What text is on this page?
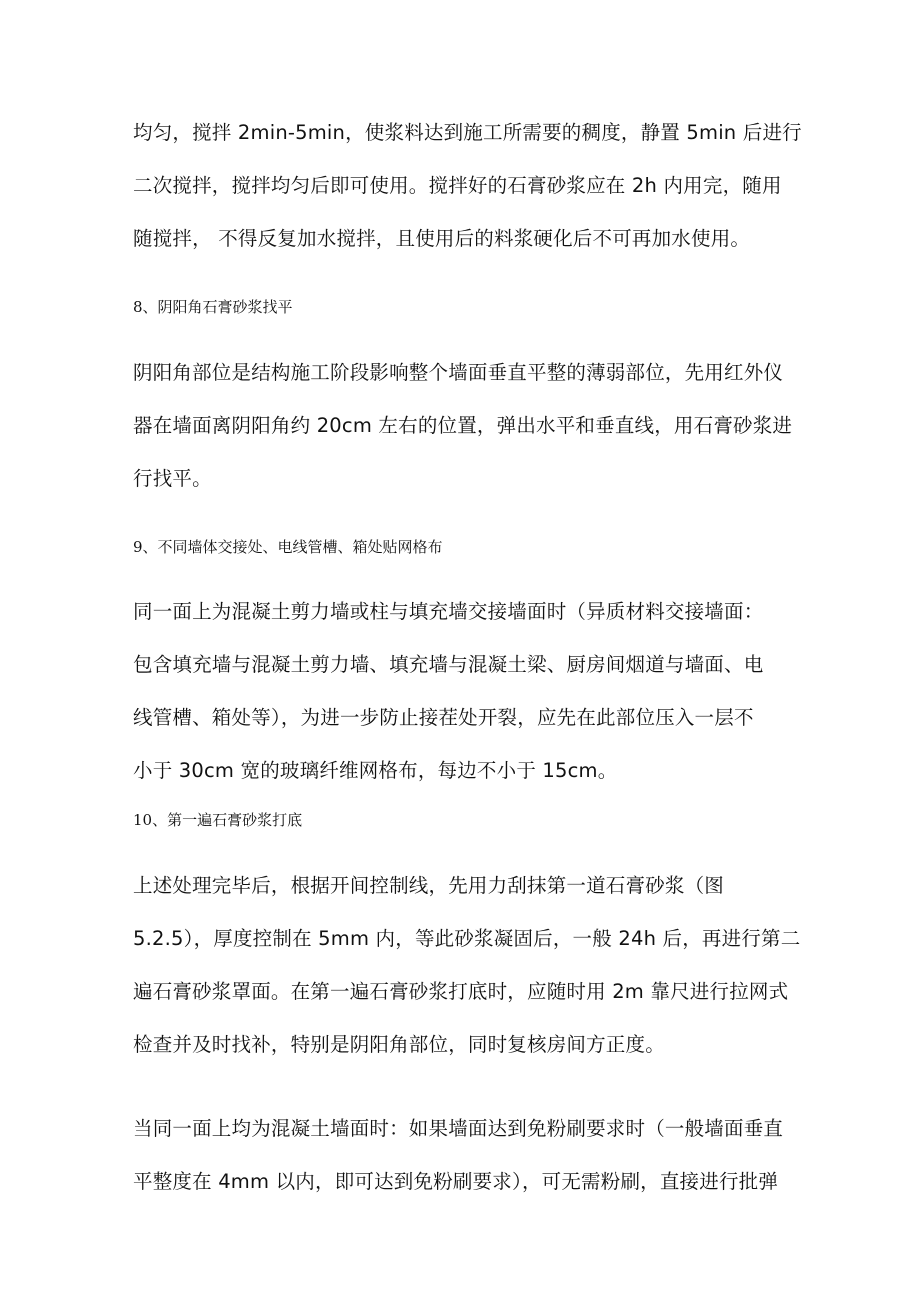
均匀，搅拌 2min-5min，使浆料达到施工所需要的稠度，静置 5min 后进行
二次搅拌，搅拌均匀后即可使用。搅拌好的石膏砂浆应在 2h 内用完，随用
随搅拌， 不得反复加水搅拌，且使用后的料浆硬化后不可再加水使用。

8、阴阳角石膏砂浆找平

阴阳角部位是结构施工阶段影响整个墙面垂直平整的薄弱部位，先用红外仪
器在墙面离阴阳角约 20cm 左右的位置，弹出水平和垂直线，用石膏砂浆进
行找平。

9、不同墙体交接处、电线管槽、箱处贴网格布

同一面上为混凝土剪力墙或柱与填充墙交接墙面时（异质材料交接墙面：
包含填充墙与混凝土剪力墙、填充墙与混凝土梁、厨房间烟道与墙面、电
线管槽、箱处等），为进一步防止接茬处开裂，应先在此部位压入一层不
小于 30cm 宽的玻璃纤维网格布，每边不小于 15cm。

10、第一遍石膏砂浆打底

上述处理完毕后，根据开间控制线，先用力刮抹第一道石膏砂浆（图
5.2.5），厚度控制在 5mm 内，等此砂浆凝固后，一般 24h 后，再进行第二
遍石膏砂浆罩面。在第一遍石膏砂浆打底时，应随时用 2m 靠尺进行拉网式
检查并及时找补，特别是阴阳角部位，同时复核房间方正度。

当同一面上均为混凝土墙面时：如果墙面达到免粉刷要求时（一般墙面垂直
平整度在 4mm 以内，即可达到免粉刷要求），可无需粉刷，直接进行批弹
